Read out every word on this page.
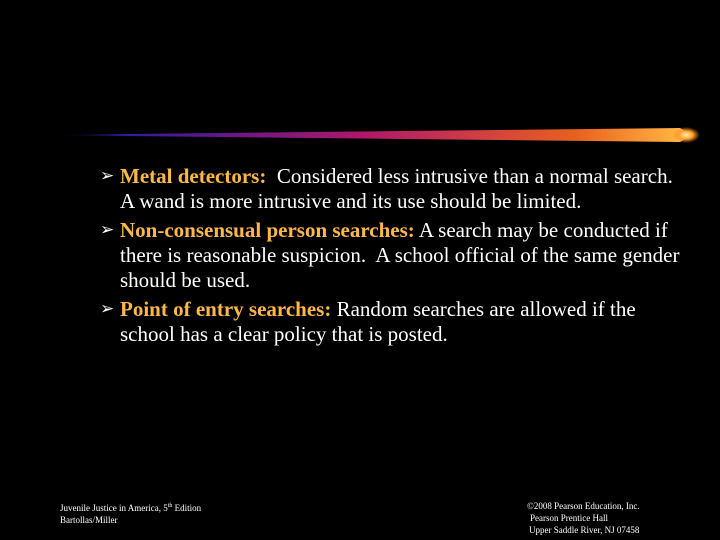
➢ Metal detectors:  Considered less intrusive than a normal search.  A wand is more intrusive and its use should be limited.
➢ Non-consensual person searches: A search may be conducted if there is reasonable suspicion.  A school official of the same gender should be used.
➢ Point of entry searches: Random searches are allowed if the school has a clear policy that is posted.
Juvenile Justice in America, 5th Edition
Bartollas/Miller
©2008 Pearson Education, Inc.
Pearson Prentice Hall
Upper Saddle River, NJ 07458
